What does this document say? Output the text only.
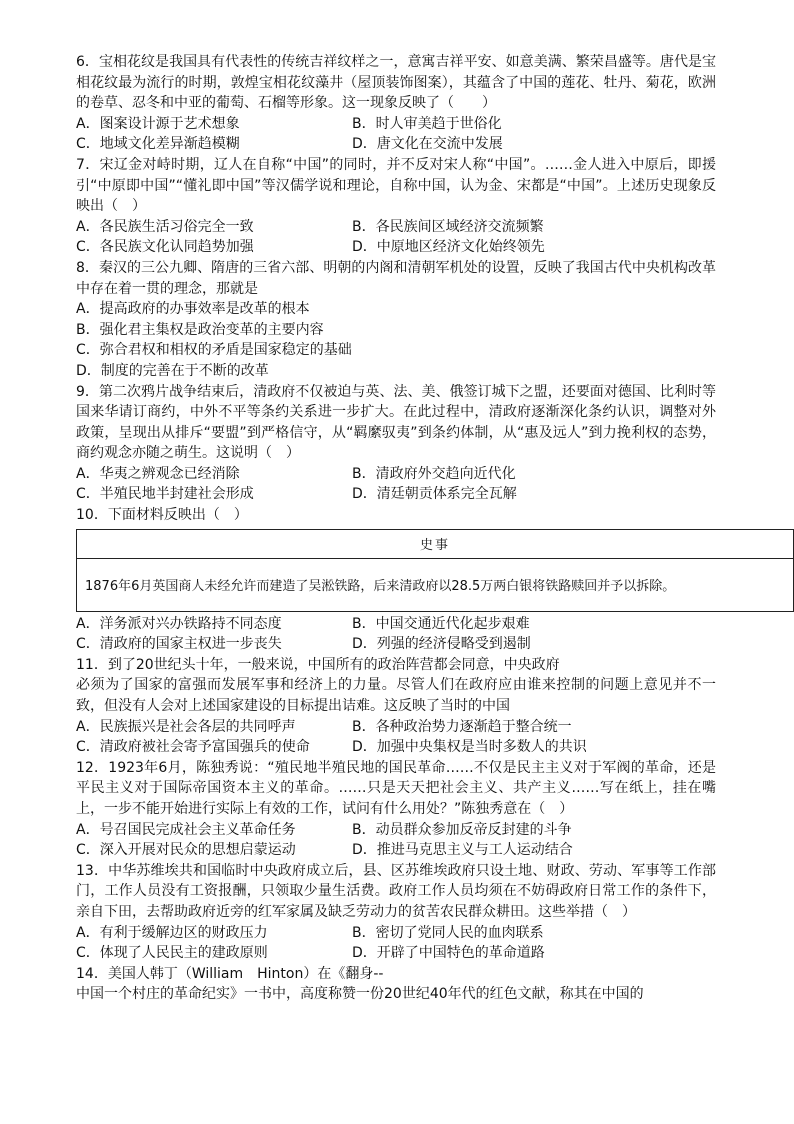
6．宝相花纹是我国具有代表性的传统吉祥纹样之一，意寓吉祥平安、如意美满、繁荣昌盛等。唐代是宝相花纹最为流行的时期，敦煌宝相花纹藻井（屋顶装饰图案），其蕴含了中国的莲花、牡丹、菊花，欧洲的卷草、忍冬和中亚的葡萄、石榴等形象。这一现象反映了（　　）

A．图案设计源于艺术想象	B．时人审美趋于世俗化
C．地域文化差异渐趋模糊	D．唐文化在交流中发展

7．宋辽金对峙时期，辽人在自称“中国”的同时，并不反对宋人称“中国”。……金人进入中原后，即援引“中原即中国”“懂礼即中国”等汉儒学说和理论，自称中国，认为金、宋都是“中国”。上述历史现象反映出（　）

A．各民族生活习俗完全一致	B．各民族间区域经济交流频繁
C．各民族文化认同趋势加强	D．中原地区经济文化始终领先

8．秦汉的三公九卿、隋唐的三省六部、明朝的内阁和清朝军机处的设置，反映了我国古代中央机构改革中存在着一贯的理念，那就是

A．提高政府的办事效率是改革的根本
B．强化君主集权是政治变革的主要内容
C．弥合君权和相权的矛盾是国家稳定的基础
D．制度的完善在于不断的改革

9．第二次鸦片战争结束后，清政府不仅被迫与英、法、美、俄签订城下之盟，还要面对德国、比利时等国来华请订商约，中外不平等条约关系进一步扩大。在此过程中，清政府逐渐深化条约认识，调整对外政策，呈现出从排斥“要盟”到严格信守，从“羁縻驭夷”到条约体制，从“惠及远人”到力挽利权的态势，商约观念亦随之萌生。这说明（　）

A．华夷之辨观念已经消除	B．清政府外交趋向近代化
C．半殖民地半封建社会形成	D．清廷朝贡体系完全瓦解

10．下面材料反映出（　）

史事
1876年6月英国商人未经允许而建造了吴淞铁路，后来清政府以28.5万两白银将铁路赎回并予以拆除。
A．洋务派对兴办铁路持不同态度	B．中国交通近代化起步艰难
C．清政府的国家主权进一步丧失	D．列强的经济侵略受到遏制

11．到了20世纪头十年，一般来说，中国所有的政治阵营都会同意，中央政府

必须为了国家的富强而发展军事和经济上的力量。尽管人们在政府应由谁来控制的问题上意见并不一致，但没有人会对上述国家建设的目标提出诘难。这反映了当时的中国

A．民族振兴是社会各层的共同呼声	B．各种政治势力逐渐趋于整合统一
C．清政府被社会寄予富国强兵的使命	D．加强中央集权是当时多数人的共识

12．1923年6月，陈独秀说：“殖民地半殖民地的国民革命……不仅是民主主义对于军阀的革命，还是平民主义对于国际帝国资本主义的革命。……只是天天把社会主义、共产主义……写在纸上，挂在嘴上，一步不能开始进行实际上有效的工作，试问有什么用处？”陈独秀意在（　）

A．号召国民完成社会主义革命任务	B．动员群众参加反帝反封建的斗争
C．深入开展对民众的思想启蒙运动	D．推进马克思主义与工人运动结合

13．中华苏维埃共和国临时中央政府成立后，县、区苏维埃政府只设土地、财政、劳动、军事等工作部门，工作人员没有工资报酬，只领取少量生活费。政府工作人员均须在不妨碍政府日常工作的条件下，亲自下田，去帮助政府近旁的红军家属及缺乏劳动力的贫苦农民群众耕田。这些举措（　）

A．有利于缓解边区的财政压力	B．密切了党同人民的血肉联系
C．体现了人民民主的建政原则	D．开辟了中国特色的革命道路

14．美国人韩丁（William　Hinton）在《翻身--

中国一个村庄的革命纪实》一书中，高度称赞一份20世纪40年代的红色文献，称其在中国的
